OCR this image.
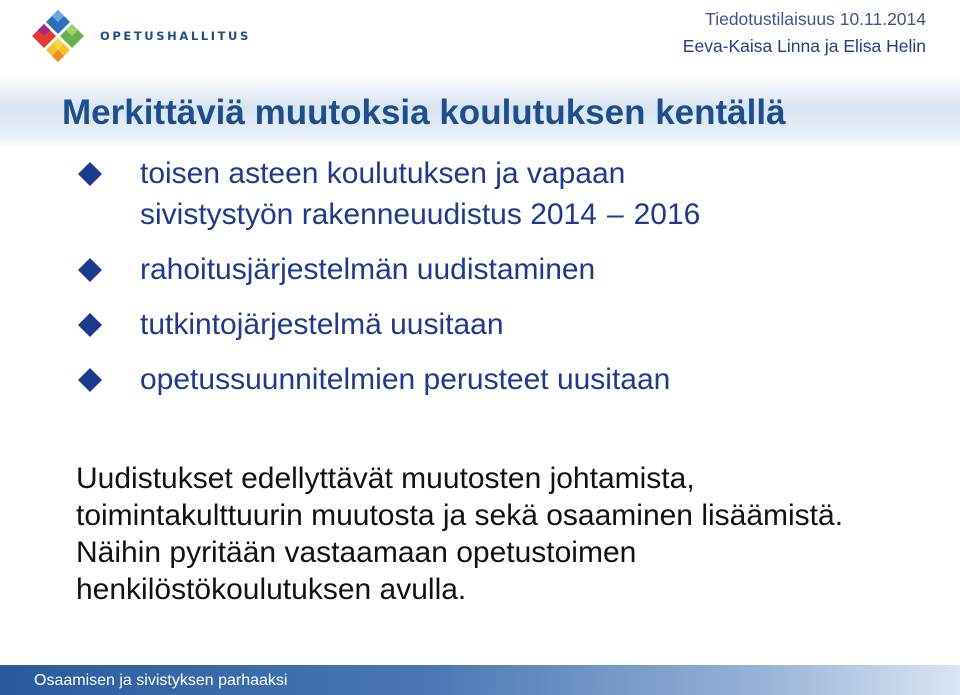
OPETUSHALLITUS
Tiedotustilaisuus 10.11.2014
Eeva-Kaisa Linna ja Elisa Helin
Merkittäviä muutoksia koulutuksen kentällä
toisen asteen koulutuksen ja vapaan
sivistystyön rakenneuudistus 2014 – 2016
rahoitusjärjestelmän uudistaminen
tutkintojärjestelmä uusitaan
opetussuunnitelmien perusteet uusitaan
Uudistukset edellyttävät muutosten johtamista,
toimintakulttuurin muutosta ja sekä osaaminen lisäämistä.
Näihin pyritään vastaamaan opetustoimen
henkilöstökoulutuksen avulla.
Osaamisen ja sivistyksen parhaaksi
